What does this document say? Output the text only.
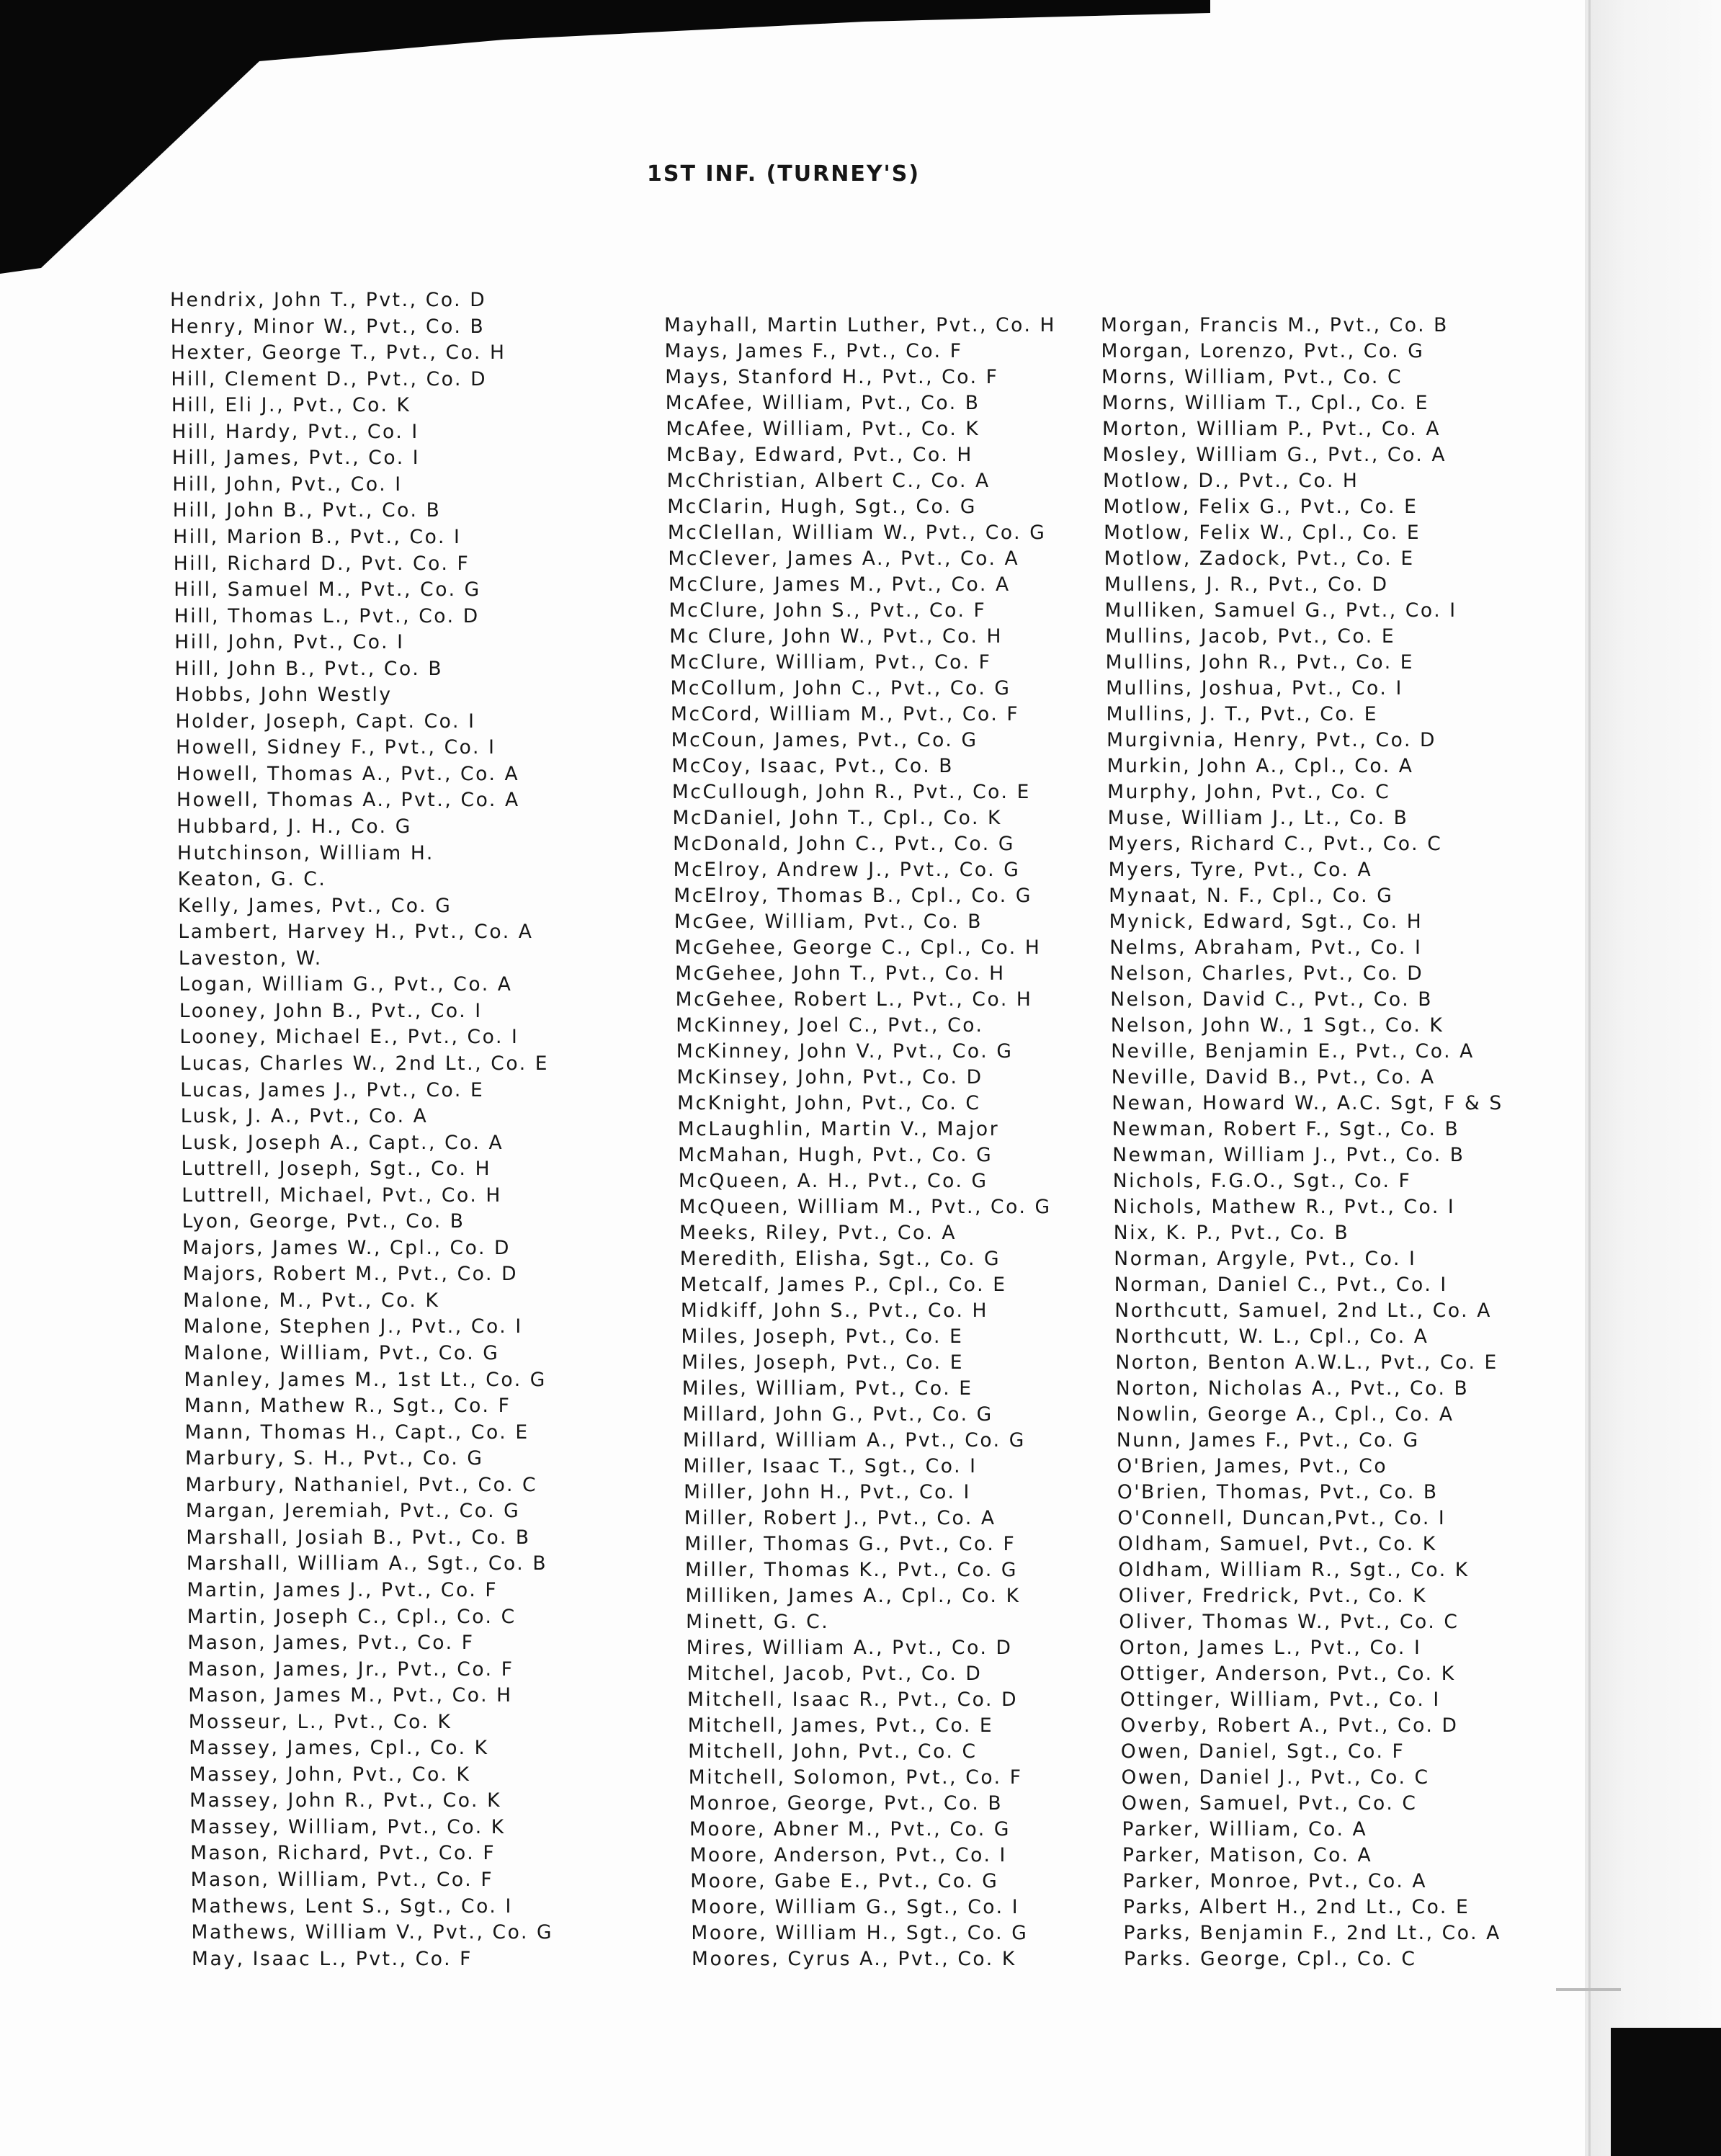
1ST INF. (TURNEY'S)
Hendrix, John T., Pvt., Co. D
Henry, Minor W., Pvt., Co. B
Hexter, George T., Pvt., Co. H
Hill, Clement D., Pvt., Co. D
Hill, Eli J., Pvt., Co. K
Hill, Hardy, Pvt., Co. I
Hill, James, Pvt., Co. I
Hill, John, Pvt., Co. I
Hill, John B., Pvt., Co. B
Hill, Marion B., Pvt., Co. I
Hill, Richard D., Pvt. Co. F
Hill, Samuel M., Pvt., Co. G
Hill, Thomas L., Pvt., Co. D
Hill, John, Pvt., Co. I
Hill, John B., Pvt., Co. B
Hobbs, John Westly
Holder, Joseph, Capt. Co. I
Howell, Sidney F., Pvt., Co. I
Howell, Thomas A., Pvt., Co. A
Howell, Thomas A., Pvt., Co. A
Hubbard, J. H., Co. G
Hutchinson, William H.
Keaton, G. C.
Kelly, James, Pvt., Co. G
Lambert, Harvey H., Pvt., Co. A
Laveston, W.
Logan, William G., Pvt., Co. A
Looney, John B., Pvt., Co. I
Looney, Michael E., Pvt., Co. I
Lucas, Charles W., 2nd Lt., Co. E
Lucas, James J., Pvt., Co. E
Lusk, J. A., Pvt., Co. A
Lusk, Joseph A., Capt., Co. A
Luttrell, Joseph, Sgt., Co. H
Luttrell, Michael, Pvt., Co. H
Lyon, George, Pvt., Co. B
Majors, James W., Cpl., Co. D
Majors, Robert M., Pvt., Co. D
Malone, M., Pvt., Co. K
Malone, Stephen J., Pvt., Co. I
Malone, William, Pvt., Co. G
Manley, James M., 1st Lt., Co. G
Mann, Mathew R., Sgt., Co. F
Mann, Thomas H., Capt., Co. E
Marbury, S. H., Pvt., Co. G
Marbury, Nathaniel, Pvt., Co. C
Margan, Jeremiah, Pvt., Co. G
Marshall, Josiah B., Pvt., Co. B
Marshall, William A., Sgt., Co. B
Martin, James J., Pvt., Co. F
Martin, Joseph C., Cpl., Co. C
Mason, James, Pvt., Co. F
Mason, James, Jr., Pvt., Co. F
Mason, James M., Pvt., Co. H
Mosseur, L., Pvt., Co. K
Massey, James, Cpl., Co. K
Massey, John, Pvt., Co. K
Massey, John R., Pvt., Co. K
Massey, William, Pvt., Co. K
Mason, Richard, Pvt., Co. F
Mason, William, Pvt., Co. F
Mathews, Lent S., Sgt., Co. I
Mathews, William V., Pvt., Co. G
May, Isaac L., Pvt., Co. F
Mayhall, Martin Luther, Pvt., Co. H
Mays, James F., Pvt., Co. F
Mays, Stanford H., Pvt., Co. F
McAfee, William, Pvt., Co. B
McAfee, William, Pvt., Co. K
McBay, Edward, Pvt., Co. H
McChristian, Albert C., Co. A
McClarin, Hugh, Sgt., Co. G
McClellan, William W., Pvt., Co. G
McClever, James A., Pvt., Co. A
McClure, James M., Pvt., Co. A
McClure, John S., Pvt., Co. F
Mc Clure, John W., Pvt., Co. H
McClure, William, Pvt., Co. F
McCollum, John C., Pvt., Co. G
McCord, William M., Pvt., Co. F
McCoun, James, Pvt., Co. G
McCoy, Isaac, Pvt., Co. B
McCullough, John R., Pvt., Co. E
McDaniel, John T., Cpl., Co. K
McDonald, John C., Pvt., Co. G
McElroy, Andrew J., Pvt., Co. G
McElroy, Thomas B., Cpl., Co. G
McGee, William, Pvt., Co. B
McGehee, George C., Cpl., Co. H
McGehee, John T., Pvt., Co. H
McGehee, Robert L., Pvt., Co. H
McKinney, Joel C., Pvt., Co.
McKinney, John V., Pvt., Co. G
McKinsey, John, Pvt., Co. D
McKnight, John, Pvt., Co. C
McLaughlin, Martin V., Major
McMahan, Hugh, Pvt., Co. G
McQueen, A. H., Pvt., Co. G
McQueen, William M., Pvt., Co. G
Meeks, Riley, Pvt., Co. A
Meredith, Elisha, Sgt., Co. G
Metcalf, James P., Cpl., Co. E
Midkiff, John S., Pvt., Co. H
Miles, Joseph, Pvt., Co. E
Miles, Joseph, Pvt., Co. E
Miles, William, Pvt., Co. E
Millard, John G., Pvt., Co. G
Millard, William A., Pvt., Co. G
Miller, Isaac T., Sgt., Co. I
Miller, John H., Pvt., Co. I
Miller, Robert J., Pvt., Co. A
Miller, Thomas G., Pvt., Co. F
Miller, Thomas K., Pvt., Co. G
Milliken, James A., Cpl., Co. K
Minett, G. C.
Mires, William A., Pvt., Co. D
Mitchel, Jacob, Pvt., Co. D
Mitchell, Isaac R., Pvt., Co. D
Mitchell, James, Pvt., Co. E
Mitchell, John, Pvt., Co. C
Mitchell, Solomon, Pvt., Co. F
Monroe, George, Pvt., Co. B
Moore, Abner M., Pvt., Co. G
Moore, Anderson, Pvt., Co. I
Moore, Gabe E., Pvt., Co. G
Moore, William G., Sgt., Co. I
Moore, William H., Sgt., Co. G
Moores, Cyrus A., Pvt., Co. K
Morgan, Francis M., Pvt., Co. B
Morgan, Lorenzo, Pvt., Co. G
Morns, William, Pvt., Co. C
Morns, William T., Cpl., Co. E
Morton, William P., Pvt., Co. A
Mosley, William G., Pvt., Co. A
Motlow, D., Pvt., Co. H
Motlow, Felix G., Pvt., Co. E
Motlow, Felix W., Cpl., Co. E
Motlow, Zadock, Pvt., Co. E
Mullens, J. R., Pvt., Co. D
Mulliken, Samuel G., Pvt., Co. I
Mullins, Jacob, Pvt., Co. E
Mullins, John R., Pvt., Co. E
Mullins, Joshua, Pvt., Co. I
Mullins, J. T., Pvt., Co. E
Murgivnia, Henry, Pvt., Co. D
Murkin, John A., Cpl., Co. A
Murphy, John, Pvt., Co. C
Muse, William J., Lt., Co. B
Myers, Richard C., Pvt., Co. C
Myers, Tyre, Pvt., Co. A
Mynaat, N. F., Cpl., Co. G
Mynick, Edward, Sgt., Co. H
Nelms, Abraham, Pvt., Co. I
Nelson, Charles, Pvt., Co. D
Nelson, David C., Pvt., Co. B
Nelson, John W., 1 Sgt., Co. K
Neville, Benjamin E., Pvt., Co. A
Neville, David B., Pvt., Co. A
Newan, Howard W., A.C. Sgt, F & S
Newman, Robert F., Sgt., Co. B
Newman, William J., Pvt., Co. B
Nichols, F.G.O., Sgt., Co. F
Nichols, Mathew R., Pvt., Co. I
Nix, K. P., Pvt., Co. B
Norman, Argyle, Pvt., Co. I
Norman, Daniel C., Pvt., Co. I
Northcutt, Samuel, 2nd Lt., Co. A
Northcutt, W. L., Cpl., Co. A
Norton, Benton A.W.L., Pvt., Co. E
Norton, Nicholas A., Pvt., Co. B
Nowlin, George A., Cpl., Co. A
Nunn, James F., Pvt., Co. G
O'Brien, James, Pvt., Co
O'Brien, Thomas, Pvt., Co. B
O'Connell, Duncan,Pvt., Co. I
Oldham, Samuel, Pvt., Co. K
Oldham, William R., Sgt., Co. K
Oliver, Fredrick, Pvt., Co. K
Oliver, Thomas W., Pvt., Co. C
Orton, James L., Pvt., Co. I
Ottiger, Anderson, Pvt., Co. K
Ottinger, William, Pvt., Co. I
Overby, Robert A., Pvt., Co. D
Owen, Daniel, Sgt., Co. F
Owen, Daniel J., Pvt., Co. C
Owen, Samuel, Pvt., Co. C
Parker, William, Co. A
Parker, Matison, Co. A
Parker, Monroe, Pvt., Co. A
Parks, Albert H., 2nd Lt., Co. E
Parks, Benjamin F., 2nd Lt., Co. A
Parks. George, Cpl., Co. C
